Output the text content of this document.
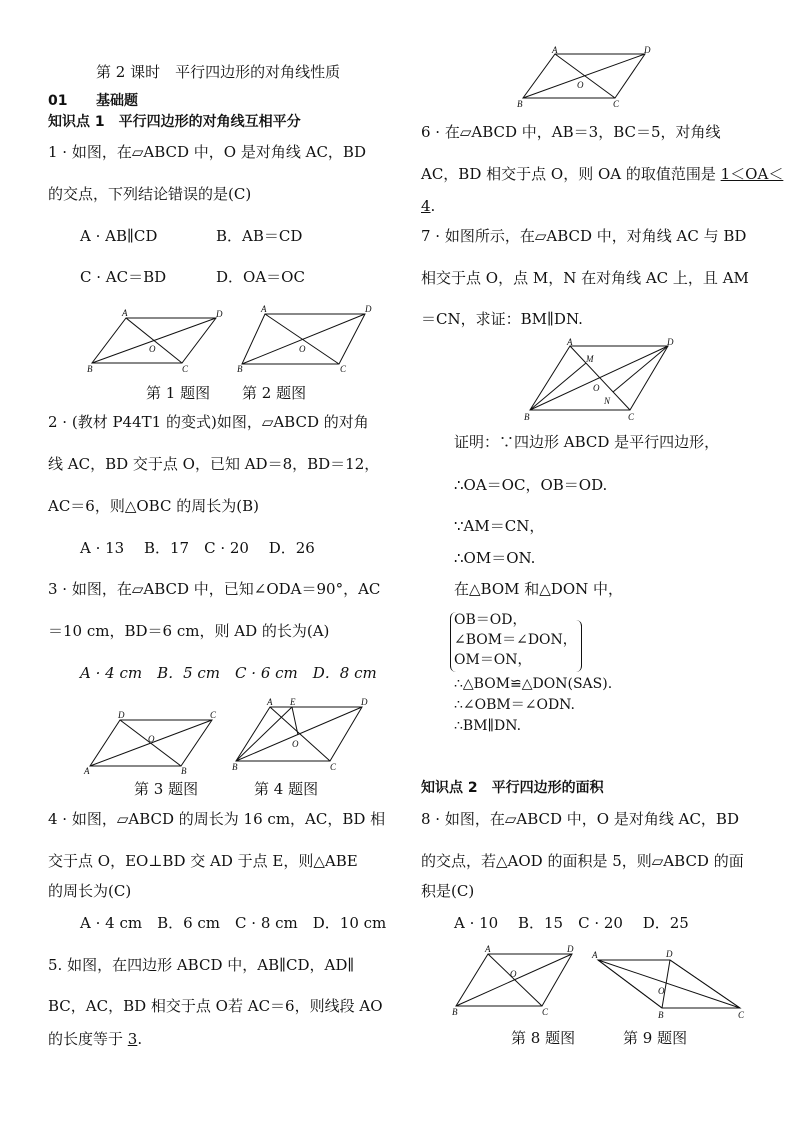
第 2 课时　平行四边形的对角线性质
01 基础题
知识点 1　平行四边形的对角线互相平分
1 · 如图，在▱ABCD 中，O 是对角线 AC，BD
的交点，下列结论错误的是(C)
A · AB∥CD	B．AB＝CD
C · AC＝BD	D．OA＝OC
A	D
B	C
O
A	D
B	C
O
第 1 题图 第 2 题图
2 · (教材 P44T1 的变式)如图，▱ABCD 的对角
线 AC，BD 交于点 O，已知 AD＝8，BD＝12，
AC＝6，则△OBC 的周长为(B)
A · 13　 B．17　C · 20　 D．26
3 · 如图，在▱ABCD 中，已知∠ODA＝90°，AC
＝10 cm，BD＝6 cm，则 AD 的长为(A)
A · 4 cm　B．5 cm　C · 6 cm　D．8 cm
D	C
A	B
O
A E	D
B	C
O
第 3 题图	第 4 题图
4 · 如图，▱ABCD 的周长为 16 cm，AC，BD 相
交于点 O，EO⊥BD 交 AD 于点 E，则△ABE
的周长为(C)
A · 4 cm　B．6 cm　C · 8 cm　D．10 cm
5. 如图，在四边形 ABCD 中，AB∥CD，AD∥
BC，AC，BD 相交于点 O若 AC＝6，则线段 AO
的长度等于 3.
A	D
B	C
O
6 · 在▱ABCD 中，AB＝3，BC＝5，对角线
AC，BD 相交于点 O，则 OA 的取值范围是 1＜OA＜
4.
7 · 如图所示，在▱ABCD 中，对角线 AC 与 BD
相交于点 O，点 M，N 在对角线 AC 上，且 AM
＝CN，求证：BM∥DN.
A	D
B	C
M
N
O
证明：∵四边形 ABCD 是平行四边形，
∴OA＝OC，OB＝OD.
∵AM＝CN，
∴OM＝ON.
在△BOM 和△DON 中，
OB＝OD，
∠BOM＝∠DON，
OM＝ON，
∴△BOM≌△DON(SAS).
∴∠OBM＝∠ODN.
∴BM∥DN.
知识点 2　平行四边形的面积
8 · 如图，在▱ABCD 中，O 是对角线 AC，BD
的交点，若△AOD 的面积是 5，则▱ABCD 的面
积是(C)
A · 10　 B．15　C · 20　 D．25
A	D
B	C
O
A	D
B	C
O
第 8 题图	第 9 题图
